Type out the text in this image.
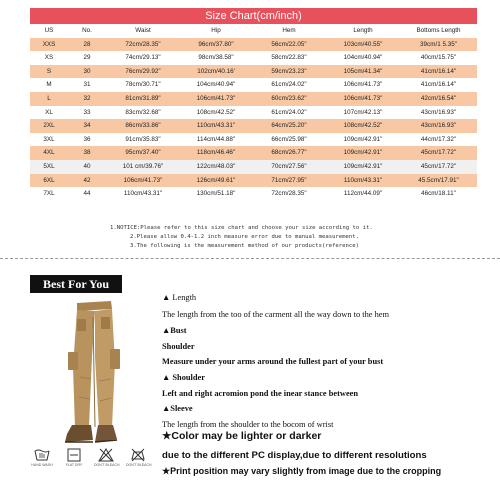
Size Chart(cm/inch)
US	No.	Waist	Hip	Hem	Length	Bottoms Length
XXS	28	72cm/28.35"	96cm/37.80"	56cm/22.05"	103cm/40.55"	39cm/1 5.35"
XS	29	74cm/29.13"	98cm/38.58"	58cm/22.83"	104cm/40.94"	40cm/15.75"
S	30	76cm/29.92"	102cm/40.16'	59cm/23.23"	105cm/41.34"	41cm/16.14"
M	31	78cm/30.71"	104cm/40.94"	61cm/24.02"	106cm/41.73"	41cm/16.14"
L	32	81cm/31.89"	106cm/41.73"	60cm/23.62"	106cm/41.73"	42cm/16.54"
XL	33	83cm/32.68"	108cm/42.52"	61cm/24.02"	107cm/42.13"	43cm/16.93"
2XL	34	86cm/33.86"	110cm/43.31"	64cm/25.20"	108cm/42.52"	43cm/16.93"
3XL	36	91cm/35.83"	114cm/44.88"	66cm/25.98"	109cm/42.91"	44cm/17.32"
4XL	38	95cm/37.40"	118cm/46.46"	68cm/26.77"	109cm/42.91"	45cm/17.72"
5XL	40	101 cm/39.76"	122cm/48.03"	70cm/27.56"	109cm/42.91"	45cm/17.72"
6XL	42	106cm/41.73"	126cm/49.61"	71cm/27.95"	110cm/43.31"	45.5cm/17.91"
7XL	44	110cm/43.31"	130cm/51.18"	72cm/28.35"	112cm/44.09"	46cm/18.11"
1.NOTICE:Please refer to this size chart and choose your size according to it.
2.Please allow 0.4-1.2 inch measure error due to manual measurement.
3.The following is the measurement method of our products(reference)
Best For You
▲ Length
The length from the too of the carment all the way down to the hem
▲Bust
Shoulder
Measure under your arms around the fullest part of your bust
▲ Shoulder
Left and right acromion pond the inear stance between
▲Sleeve
The length from the shoulder to the bocom of wrist
★Color may be lighter or darker
due to the different PC display,due to different resolutions
★Print position may vary slightly from image due to the cropping
HAND WASH	FLAT DRY	DON'T BLEACH DON'T BLEACH
